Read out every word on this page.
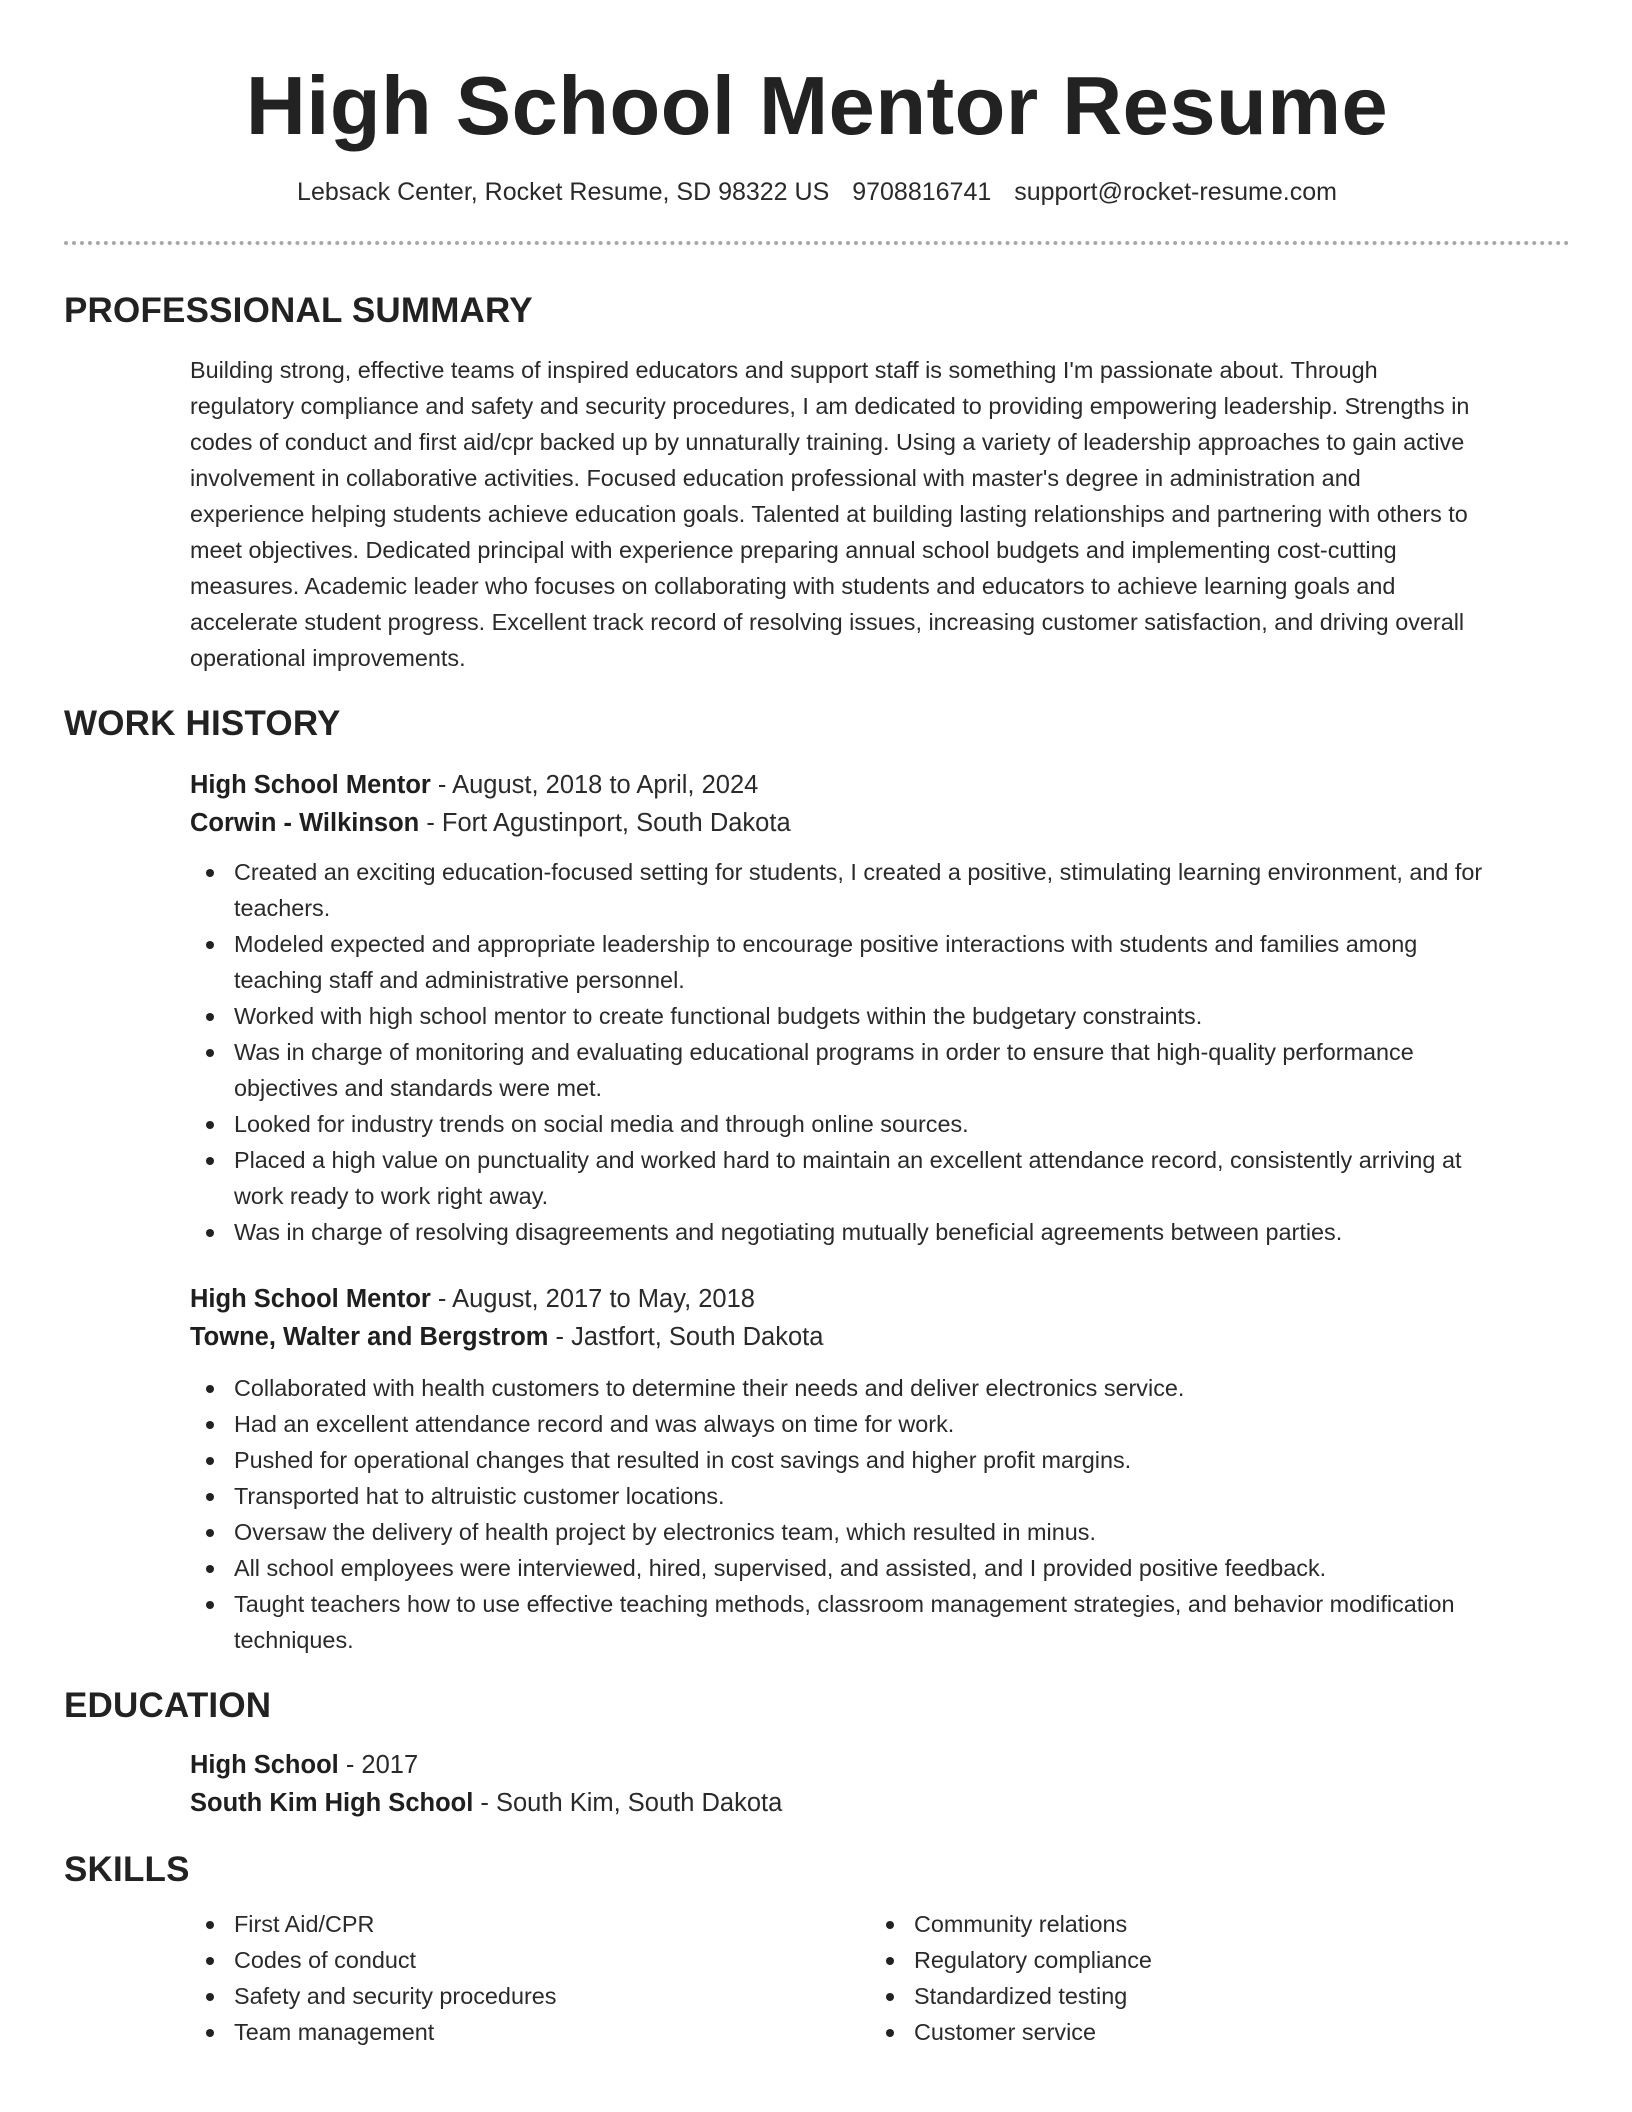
High School Mentor Resume
Lebsack Center, Rocket Resume, SD 98322 US 9708816741 support@rocket-resume.com
PROFESSIONAL SUMMARY
Building strong, effective teams of inspired educators and support staff is something I'm passionate about. Through
regulatory compliance and safety and security procedures, I am dedicated to providing empowering leadership. Strengths in
codes of conduct and first aid/cpr backed up by unnaturally training. Using a variety of leadership approaches to gain active
involvement in collaborative activities. Focused education professional with master's degree in administration and
experience helping students achieve education goals. Talented at building lasting relationships and partnering with others to
meet objectives. Dedicated principal with experience preparing annual school budgets and implementing cost-cutting
measures. Academic leader who focuses on collaborating with students and educators to achieve learning goals and
accelerate student progress. Excellent track record of resolving issues, increasing customer satisfaction, and driving overall
operational improvements.
WORK HISTORY
High School Mentor - August, 2018 to April, 2024
Corwin - Wilkinson - Fort Agustinport, South Dakota
Created an exciting education-focused setting for students, I created a positive, stimulating learning environment, and for
teachers.
Modeled expected and appropriate leadership to encourage positive interactions with students and families among
teaching staff and administrative personnel.
Worked with high school mentor to create functional budgets within the budgetary constraints.
Was in charge of monitoring and evaluating educational programs in order to ensure that high-quality performance
objectives and standards were met.
Looked for industry trends on social media and through online sources.
Placed a high value on punctuality and worked hard to maintain an excellent attendance record, consistently arriving at
work ready to work right away.
Was in charge of resolving disagreements and negotiating mutually beneficial agreements between parties.
High School Mentor - August, 2017 to May, 2018
Towne, Walter and Bergstrom - Jastfort, South Dakota
Collaborated with health customers to determine their needs and deliver electronics service.
Had an excellent attendance record and was always on time for work.
Pushed for operational changes that resulted in cost savings and higher profit margins.
Transported hat to altruistic customer locations.
Oversaw the delivery of health project by electronics team, which resulted in minus.
All school employees were interviewed, hired, supervised, and assisted, and I provided positive feedback.
Taught teachers how to use effective teaching methods, classroom management strategies, and behavior modification
techniques.
EDUCATION
High School - 2017
South Kim High School - South Kim, South Dakota
SKILLS
First Aid/CPR
Codes of conduct
Safety and security procedures
Team management
Community relations
Regulatory compliance
Standardized testing
Customer service
